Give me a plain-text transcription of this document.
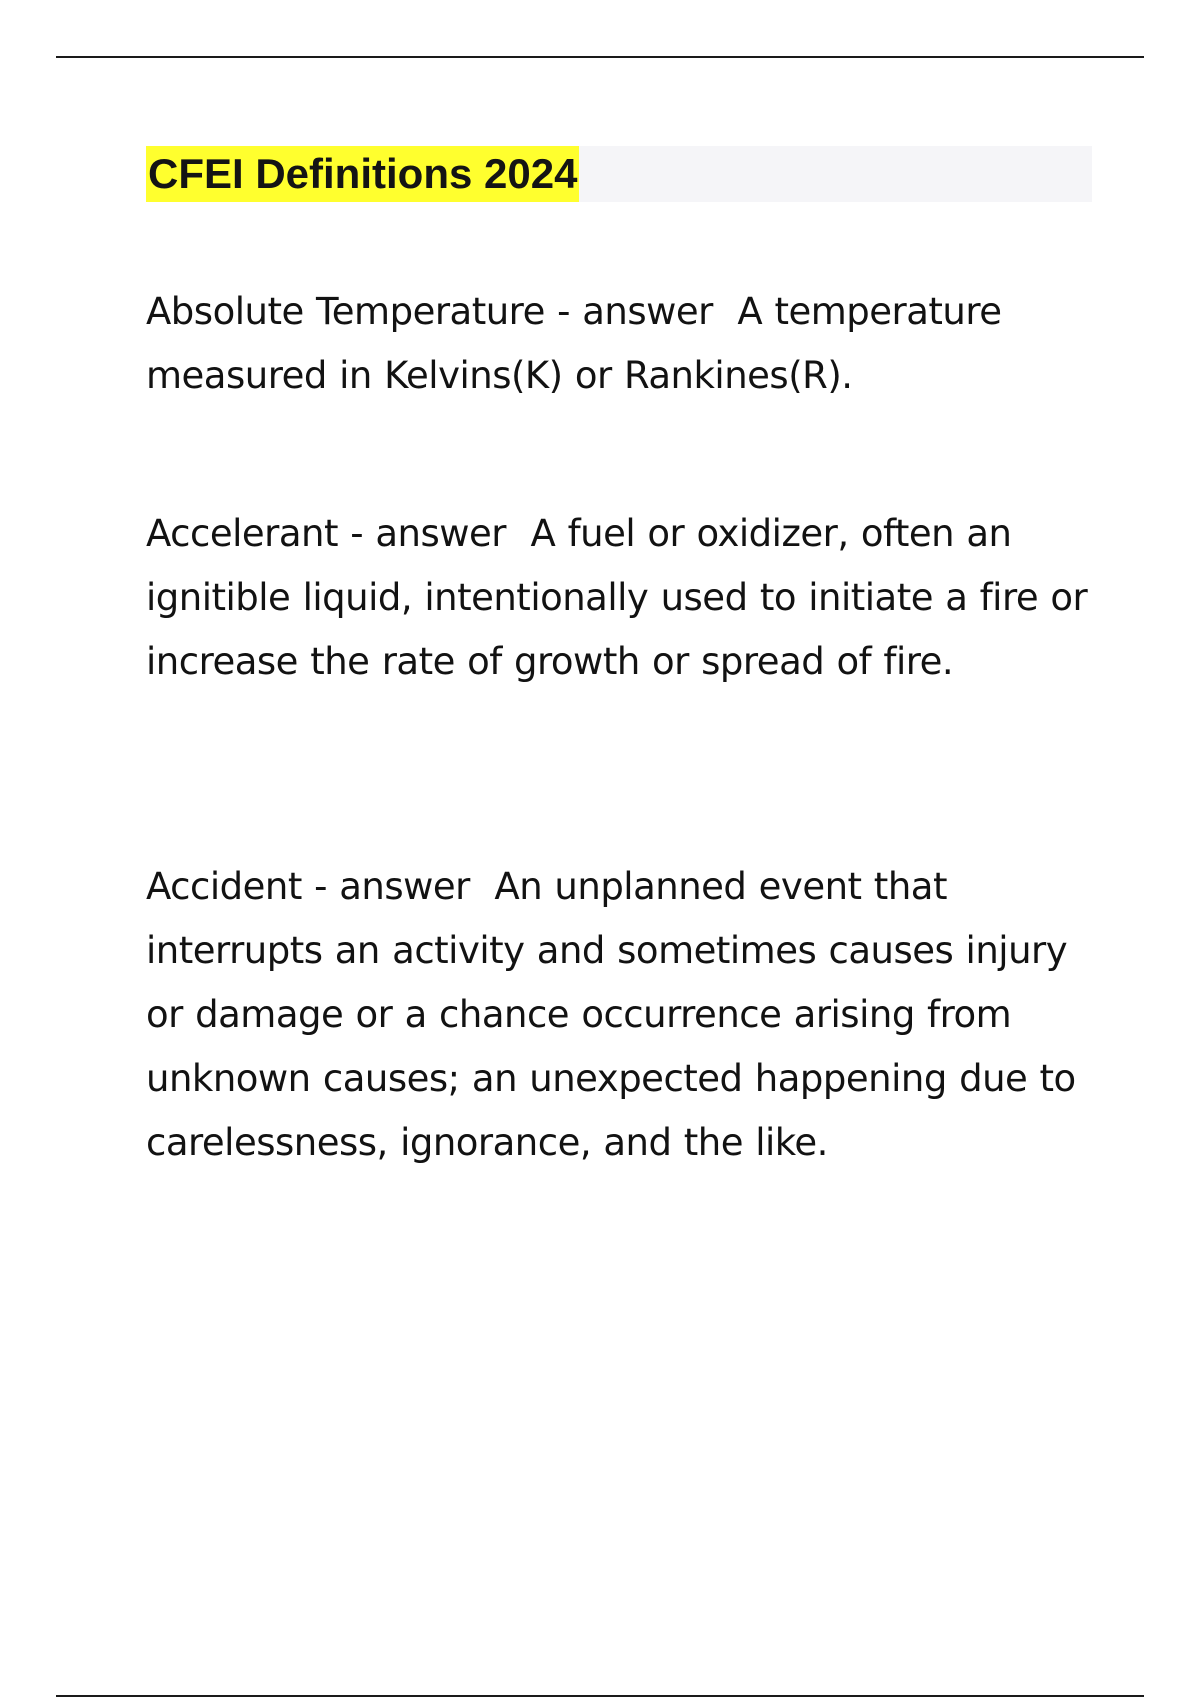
CFEI Definitions 2024

Absolute Temperature - answer  A temperature measured in Kelvins(K) or Rankines(R).

Accelerant - answer  A fuel or oxidizer, often an ignitible liquid, intentionally used to initiate a fire or increase the rate of growth or spread of fire.

Accident - answer  An unplanned event that interrupts an activity and sometimes causes injury or damage or a chance occurrence arising from unknown causes; an unexpected happening due to carelessness, ignorance, and the like.
